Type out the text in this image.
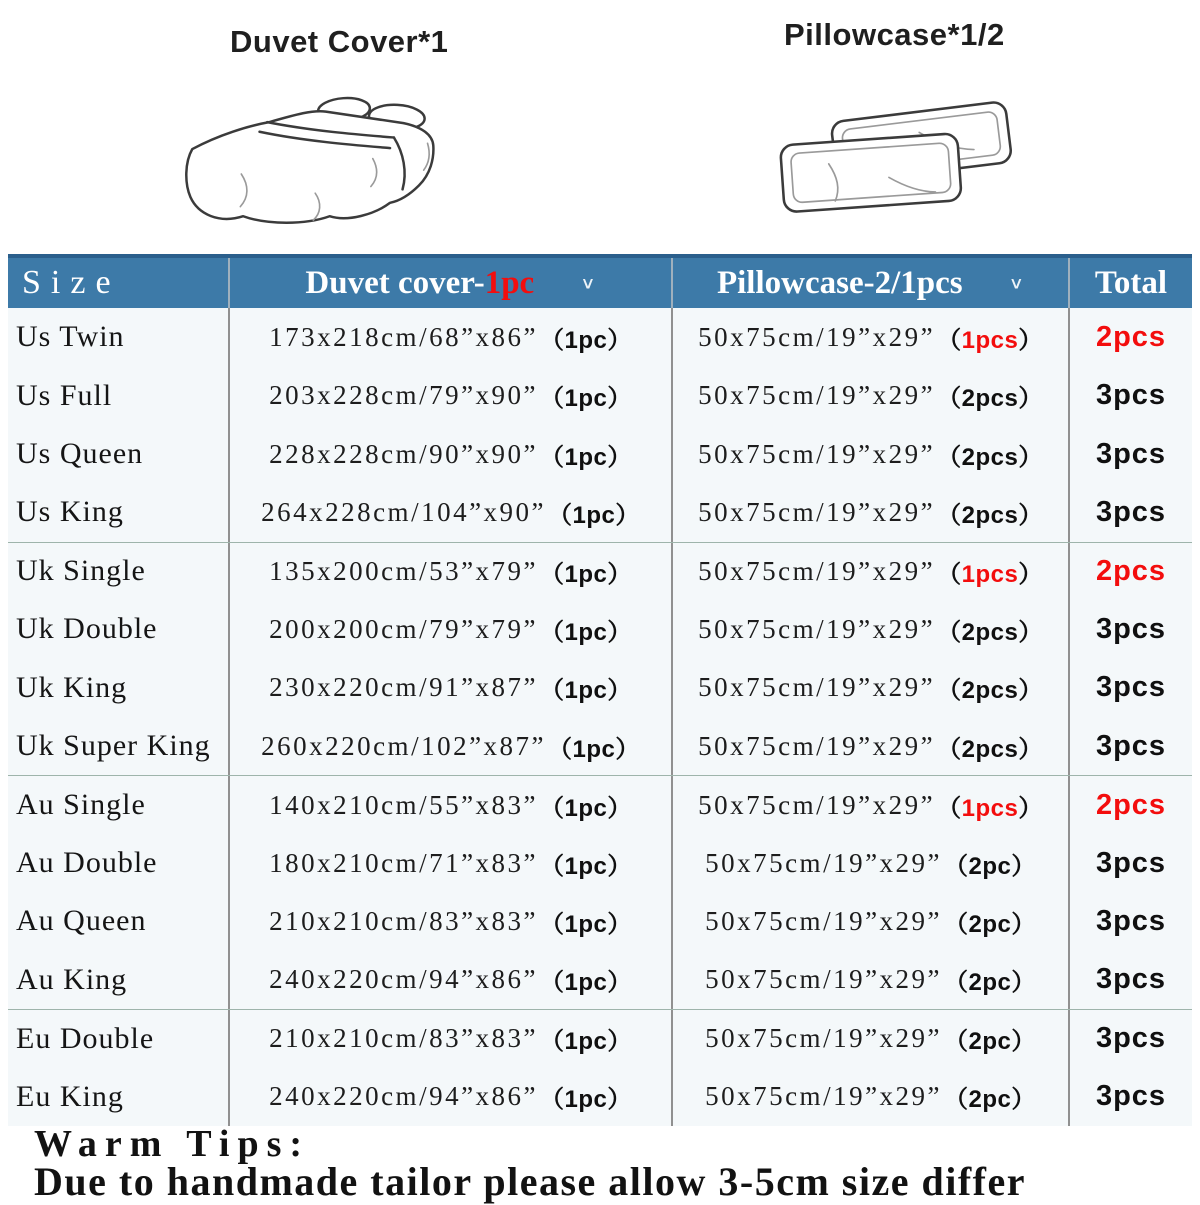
Duvet Cover*1	Pillowcase*1/2
Size	Duvet cover- 1pc ∨	Pillowcase-2/1pcs ∨ Total
Us Twin	173x218cm/68”x86” （1pc） 50x75cm/19”x29” （1pcs） 2pcs
Us Full	203x228cm/79”x90” （1pc） 50x75cm/19”x29” （2pcs） 3pcs
Us Queen	228x228cm/90”x90” （1pc） 50x75cm/19”x29” （2pcs） 3pcs
Us King	264x228cm/104”x90” （1pc） 50x75cm/19”x29” （2pcs） 3pcs
Uk Single	135x200cm/53”x79” （1pc） 50x75cm/19”x29” （1pcs） 2pcs
Uk Double	200x200cm/79”x79” （1pc） 50x75cm/19”x29” （2pcs） 3pcs
Uk King	230x220cm/91”x87” （1pc） 50x75cm/19”x29” （2pcs） 3pcs
Uk Super King 260x220cm/102”x87” （1pc） 50x75cm/19”x29” （2pcs） 3pcs
Au Single	140x210cm/55”x83” （1pc） 50x75cm/19”x29” （1pcs） 2pcs
Au Double	180x210cm/71”x83” （1pc）	50x75cm/19”x29” （2pc） 3pcs
Au Queen	210x210cm/83”x83” （1pc）	50x75cm/19”x29” （2pc） 3pcs
Au King	240x220cm/94”x86” （1pc）	50x75cm/19”x29” （2pc） 3pcs
Eu Double	210x210cm/83”x83” （1pc）	50x75cm/19”x29” （2pc） 3pcs
Eu King	240x220cm/94”x86” （1pc）	50x75cm/19”x29” （2pc） 3pcs
Warm Tips:
Due to handmade tailor please allow 3-5cm size differ
